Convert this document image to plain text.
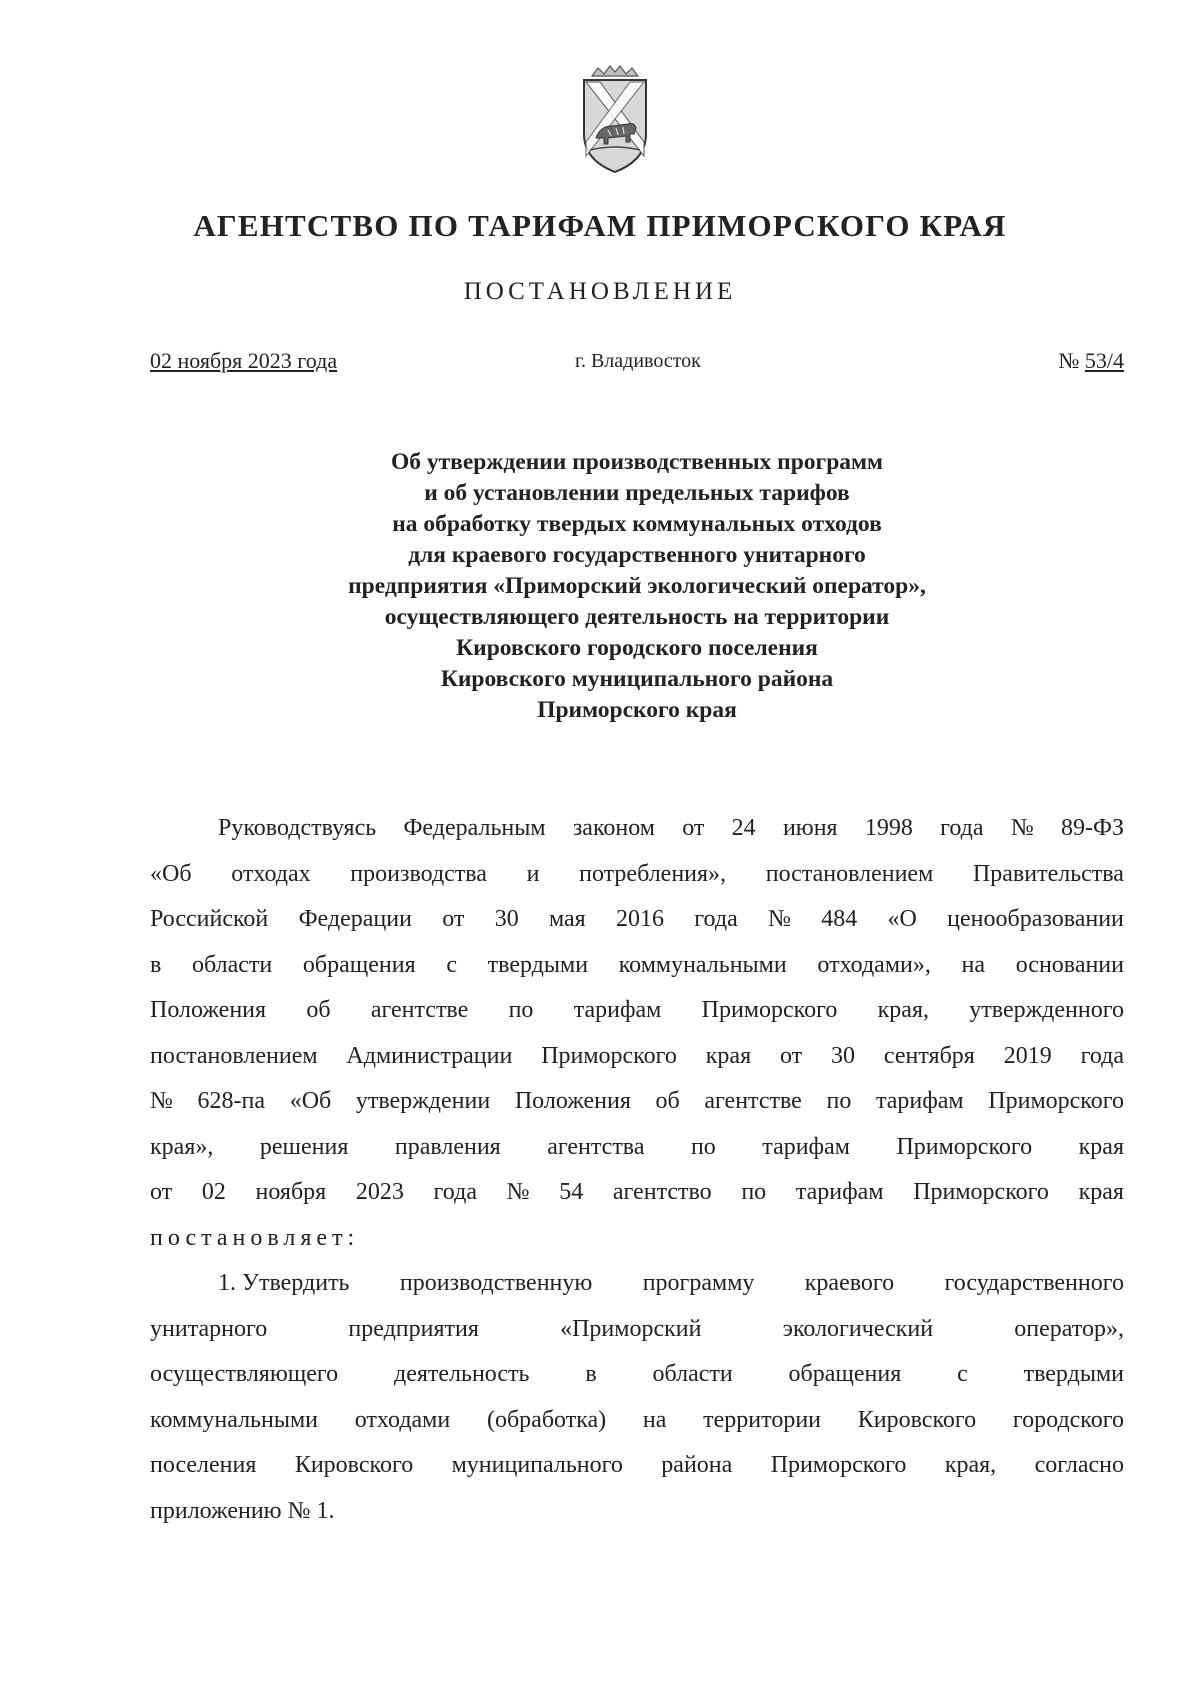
АГЕНТСТВО ПО ТАРИФАМ ПРИМОРСКОГО КРАЯ
ПОСТАНОВЛЕНИЕ
02 ноября 2023 года	г. Владивосток	№ 53/4
Об утверждении производственных программ
и об установлении предельных тарифов
на обработку твердых коммунальных отходов
для краевого государственного унитарного
предприятия «Приморский экологический оператор»,
осуществляющего деятельность на территории
Кировского городского поселения
Кировского муниципального района
Приморского края
Руководствуясь Федеральным законом от 24 июня 1998 года № 89-ФЗ
«Об отходах производства и потребления», постановлением Правительства
Российской Федерации от 30 мая 2016 года № 484 «О ценообразовании
в области обращения с твердыми коммунальными отходами», на основании
Положения об агентстве по тарифам Приморского края, утвержденного
постановлением Администрации Приморского края от 30 сентября 2019 года
№ 628-па «Об утверждении Положения об агентстве по тарифам Приморского
края», решения правления агентства по тарифам Приморского края
от 02 ноября 2023 года № 54 агентство по тарифам Приморского края
постановляет:
1. Утвердить производственную программу краевого государственного
унитарного	предприятия	«Приморский	экологический	оператор»,
осуществляющего деятельность в области обращения с твердыми
коммунальными отходами (обработка) на территории Кировского городского
поселения Кировского муниципального района Приморского края, согласно
приложению № 1.
